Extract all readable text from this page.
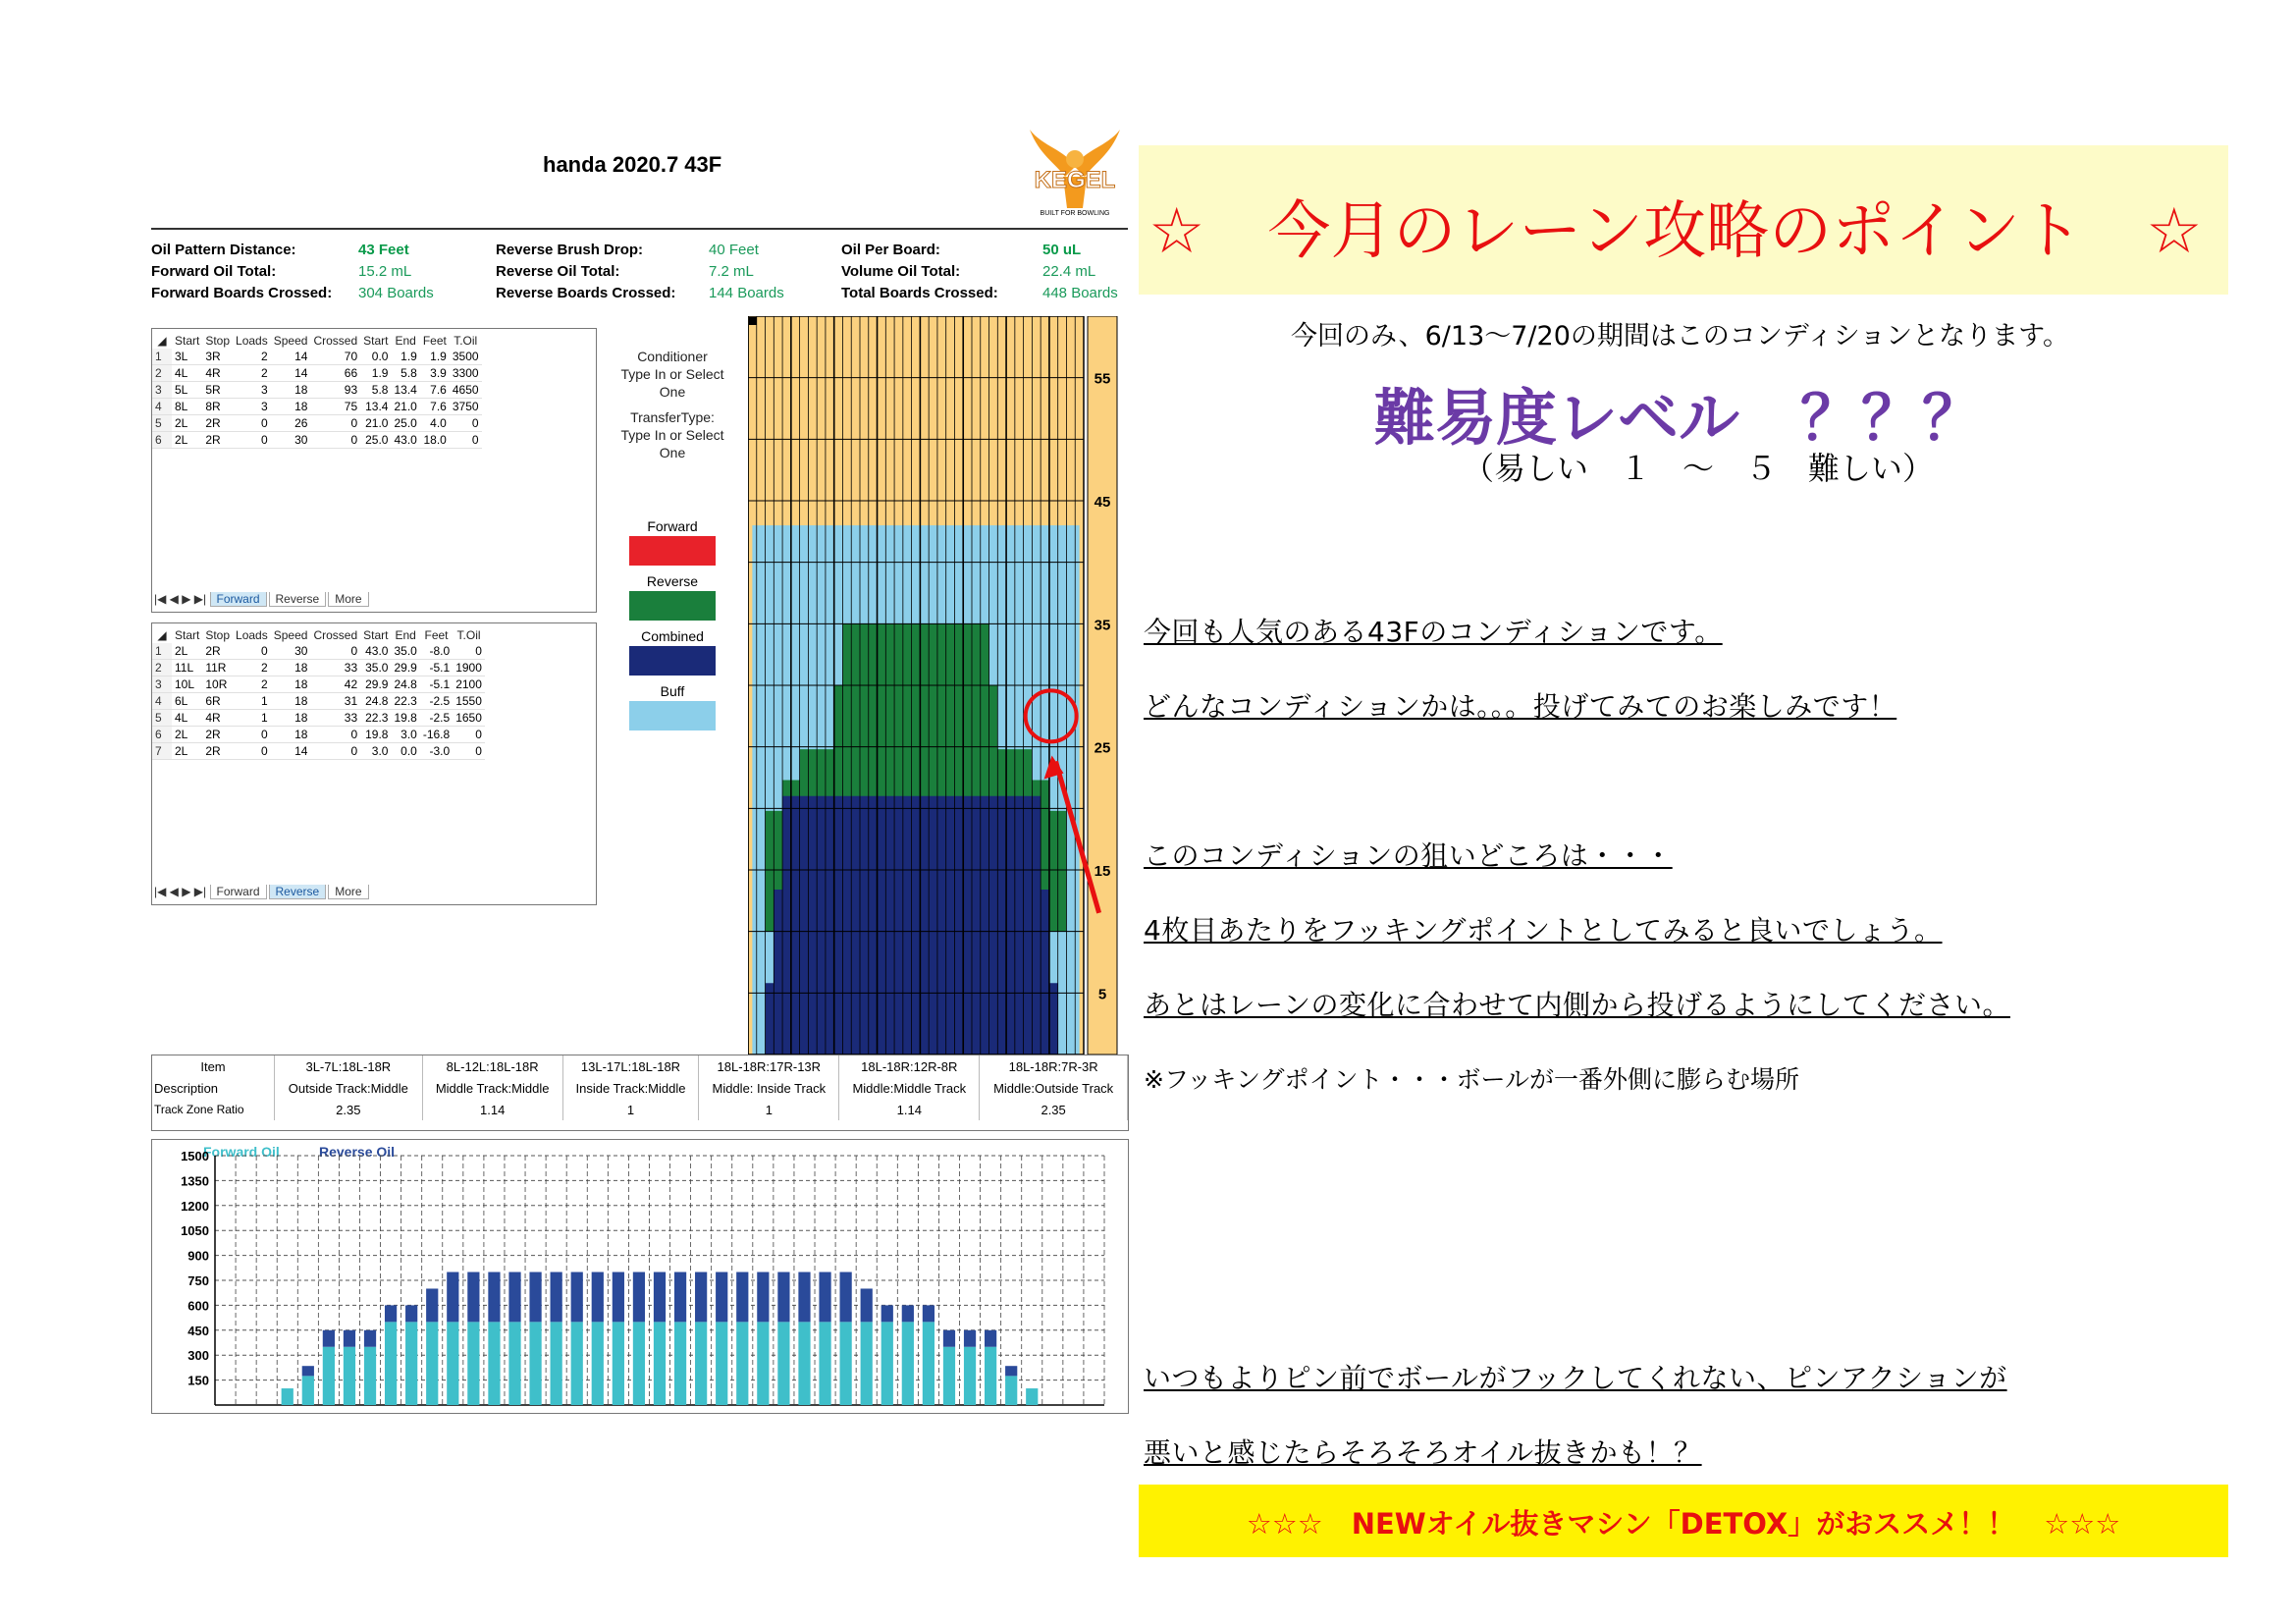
handa 2020.7 43F
KEGEL
BUILT FOR BOWLING
Oil Pattern Distance:	43 Feet
Forward Oil Total:	15.2 mL
Forward Boards Crossed: 304 Boards
Reverse Brush Drop:	40 Feet
Reverse Oil Total:	7.2 mL
Reverse Boards Crossed: 144 Boards
Oil Per Board:	50 uL
Volume Oil Total:	22.4 mL
Total Boards Crossed:	448 Boards
◢	Start	Stop	Loads	Speed	Crossed	Start	End	Feet	T.Oil
1	3L	3R	2	14	70	0.0	1.9	1.9	3500
2	4L	4R	2	14	66	1.9	5.8	3.9	3300
3	5L	5R	3	18	93	5.8	13.4	7.6	4650
4	8L	8R	3	18	75	13.4	21.0	7.6	3750
5	2L	2R	0	26	0	21.0	25.0	4.0	0
6	2L	2R	0	30	0	25.0	43.0	18.0	0
|◀ ◀ ▶ ▶| Forward Reverse More
◢	Start	Stop	Loads	Speed	Crossed	Start	End	Feet	T.Oil
1	2L	2R	0	30	0	43.0	35.0	-8.0	0
2	11L	11R	2	18	33	35.0	29.9	-5.1	1900
3	10L	10R	2	18	42	29.9	24.8	-5.1	2100
4	6L	6R	1	18	31	24.8	22.3	-2.5	1550
5	4L	4R	1	18	33	22.3	19.8	-2.5	1650
6	2L	2R	0	18	0	19.8	3.0	-16.8	0
7	2L	2R	0	14	0	3.0	0.0	-3.0	0
|◀ ◀ ▶ ▶| Forward Reverse More
Conditioner
Type In or Select
One
TransferType:
Type In or Select
One
Forward
Reverse
Combined
Buff
55
45
35
25
15
5
Item	3L-7L:18L-18R	8L-12L:18L-18R	13L-17L:18L-18R	18L-18R:17R-13R	18L-18R:12R-8R	18L-18R:7R-3R
Description	Outside Track:Middle	Middle Track:Middle	Inside Track:Middle	Middle: Inside Track	Middle:Middle Track	Middle:Outside Track
Track Zone Ratio	2.35	1.14	1	1	1.14	2.35
Forward Oil	Reverse Oil
150
300
450
600
750
900
1050
1200
1350
1500
☆　今月のレーン攻略のポイント　☆
今回のみ、6/13～7/20の期間はこのコンディションとなります。
難易度レベル　？？？
（易しい　１　～　５　難しい）
今回も人気のある43Fのコンディションです。
どんなコンディションかは。。。投げてみてのお楽しみです！
このコンディションの狙いどころは・・・
4枚目あたりをフッキングポイントとしてみると良いでしょう。
あとはレーンの変化に合わせて内側から投げるようにしてください。
※フッキングポイント・・・ボールが一番外側に膨らむ場所
いつもよりピン前でボールがフックしてくれない、ピンアクションが
悪いと感じたらそろそろオイル抜きかも！？
☆☆☆　NEWオイル抜きマシン「DETOX」がおススメ！！　☆☆☆
